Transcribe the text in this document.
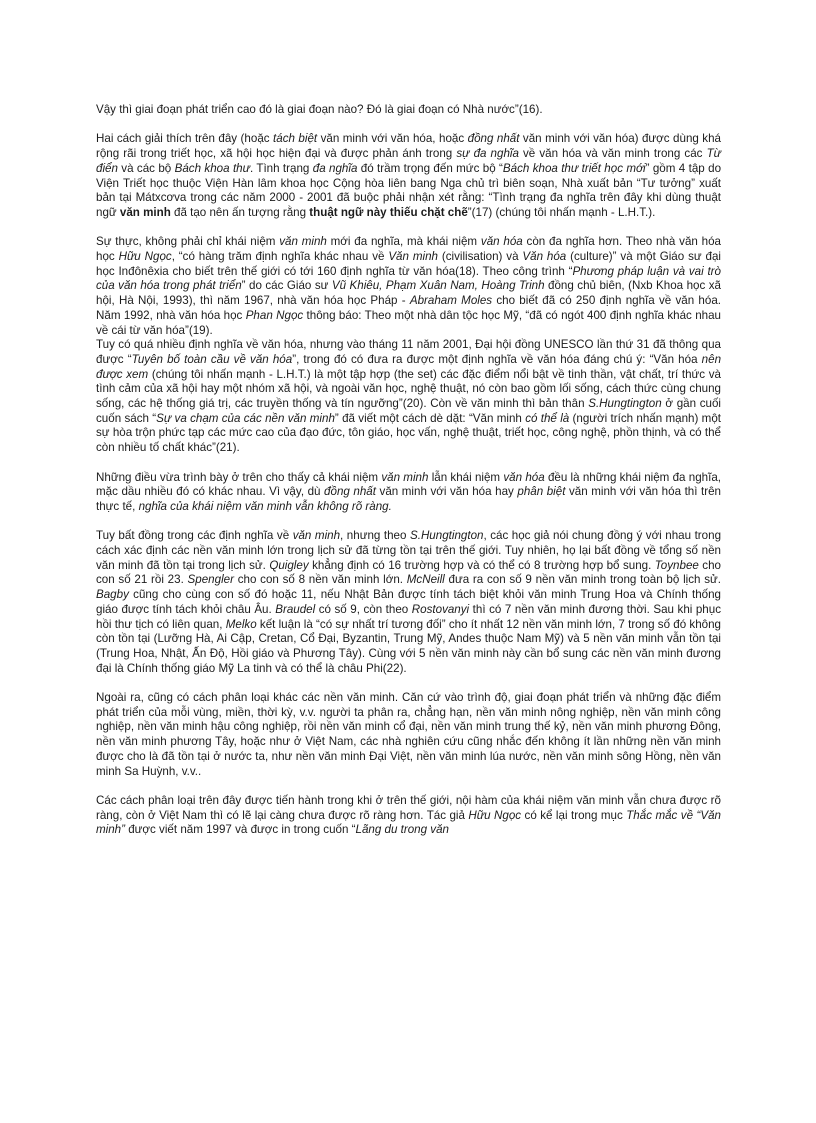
Vậy thì giai đoạn phát triển cao đó là giai đoạn nào? Đó là giai đoạn có Nhà nước”(16).

Hai cách giải thích trên đây (hoặc tách biệt văn minh với văn hóa, hoặc đồng nhất văn minh với văn hóa) được dùng khá rộng rãi trong triết học, xã hội học hiện đại và được phản ánh trong sự đa nghĩa về văn hóa và văn minh trong các Từ điển và các bộ Bách khoa thư. Tình trạng đa nghĩa đó trầm trọng đến mức bộ “Bách khoa thư triết học mới” gồm 4 tập do Viện Triết học thuộc Viện Hàn lâm khoa học Cộng hòa liên bang Nga chủ trì biên soạn, Nhà xuất bản “Tư tưởng” xuất bản tại Mátxcơva trong các năm 2000 - 2001 đã buộc phải nhận xét rằng: “Tình trạng đa nghĩa trên đây khi dùng thuật ngữ văn minh đã tạo nên ấn tượng rằng thuật ngữ này thiếu chặt chẽ”(17) (chúng tôi nhấn mạnh - L.H.T.).

Sự thực, không phải chỉ khái niệm văn minh mới đa nghĩa, mà khái niệm văn hóa còn đa nghĩa hơn. Theo nhà văn hóa học Hữu Ngọc, “có hàng trăm định nghĩa khác nhau về Văn minh (civilisation) và Văn hóa (culture)” và một Giáo sư đại học Inđônêxia cho biết trên thế giới có tới 160 định nghĩa từ văn hóa(18). Theo công trình “Phương pháp luận và vai trò của văn hóa trong phát triển” do các Giáo sư Vũ Khiêu, Phạm Xuân Nam, Hoàng Trinh đồng chủ biên, (Nxb Khoa học xã hội, Hà Nội, 1993), thì năm 1967, nhà văn hóa học Pháp - Abraham Moles cho biết đã có 250 định nghĩa về văn hóa. Năm 1992, nhà văn hóa học Phan Ngọc thông báo: Theo một nhà dân tộc học Mỹ, “đã có ngót 400 định nghĩa khác nhau về cái từ văn hóa”(19).

Tuy có quá nhiều định nghĩa về văn hóa, nhưng vào tháng 11 năm 2001, Đại hội đồng UNESCO lần thứ 31 đã thông qua được “Tuyên bố toàn cầu về văn hóa”, trong đó có đưa ra được một định nghĩa về văn hóa đáng chú ý: “Văn hóa nên được xem (chúng tôi nhấn mạnh - L.H.T.) là một tập hợp (the set) các đặc điểm nổi bật về tinh thần, vật chất, trí thức và tình cảm của xã hội hay một nhóm xã hội, và ngoài văn học, nghệ thuật, nó còn bao gồm lối sống, cách thức cùng chung sống, các hệ thống giá trị, các truyền thống và tín ngưỡng”(20). Còn về văn minh thì bản thân S.Hungtington ở gần cuối cuốn sách “Sự va chạm của các nền văn minh” đã viết một cách dè dặt: “Văn minh có thể là (người trích nhấn mạnh) một sự hòa trộn phức tạp các mức cao của đạo đức, tôn giáo, học vấn, nghệ thuật, triết học, công nghệ, phồn thịnh, và có thể còn nhiều tố chất khác”(21).

Những điều vừa trình bày ở trên cho thấy cả khái niệm văn minh lẫn khái niệm văn hóa đều là những khái niệm đa nghĩa, mặc dầu nhiều đó có khác nhau. Vì vậy, dù đồng nhất văn minh với văn hóa hay phân biệt văn minh với văn hóa thì trên thực tế, nghĩa của khái niệm văn minh vẫn không rõ ràng.

Tuy bất đồng trong các định nghĩa về văn minh, nhưng theo S.Hungtington, các học giả nói chung đồng ý với nhau trong cách xác định các nền văn minh lớn trong lịch sử đã từng tồn tại trên thế giới. Tuy nhiên, họ lại bất đồng về tổng số nền văn minh đã tồn tại trong lịch sử. Quigley khẳng định có 16 trường hợp và có thể có 8 trường hợp bổ sung. Toynbee cho con số 21 rồi 23. Spengler cho con số 8 nền văn minh lớn. McNeill đưa ra con số 9 nền văn minh trong toàn bộ lịch sử. Bagby cũng cho cùng con số đó hoặc 11, nếu Nhật Bản được tính tách biệt khỏi văn minh Trung Hoa và Chính thống giáo được tính tách khỏi châu Âu. Braudel có số 9, còn theo Rostovanyi thì có 7 nền văn minh đương thời. Sau khi phục hồi thư tịch có liên quan, Melko kết luận là “có sự nhất trí tương đối” cho ít nhất 12 nền văn minh lớn, 7 trong số đó không còn tồn tại (Lưỡng Hà, Ai Cập, Cretan, Cổ Đại, Byzantin, Trung Mỹ, Andes thuộc Nam Mỹ) và 5 nền văn minh vẫn tồn tại (Trung Hoa, Nhật, Ấn Độ, Hồi giáo và Phương Tây). Cùng với 5 nền văn minh này cần bổ sung các nền văn minh đương đại là Chính thống giáo Mỹ La tinh và có thể là châu Phi(22).

Ngoài ra, cũng có cách phân loại khác các nền văn minh. Căn cứ vào trình độ, giai đoạn phát triển và những đặc điểm phát triển của mỗi vùng, miền, thời kỳ, v.v. người ta phân ra, chẳng hạn, nền văn minh nông nghiệp, nền văn minh công nghiệp, nền văn minh hậu công nghiệp, rồi nền văn minh cổ đại, nền văn minh trung thế kỷ, nền văn minh phương Đông, nền văn minh phương Tây, hoặc như ở Việt Nam, các nhà nghiên cứu cũng nhắc đến không ít lần những nền văn minh được cho là đã tồn tại ở nước ta, như nền văn minh Đại Việt, nền văn minh lúa nước, nền văn minh sông Hồng, nền văn minh Sa Huỳnh, v.v..

Các cách phân loại trên đây được tiến hành trong khi ở trên thế giới, nội hàm của khái niệm văn minh vẫn chưa được rõ ràng, còn ở Việt Nam thì có lẽ lại càng chưa được rõ ràng hơn. Tác giả Hữu Ngọc có kể lại trong mục Thắc mắc về “Văn minh” được viết năm 1997 và được in trong cuốn “Lãng du trong văn
